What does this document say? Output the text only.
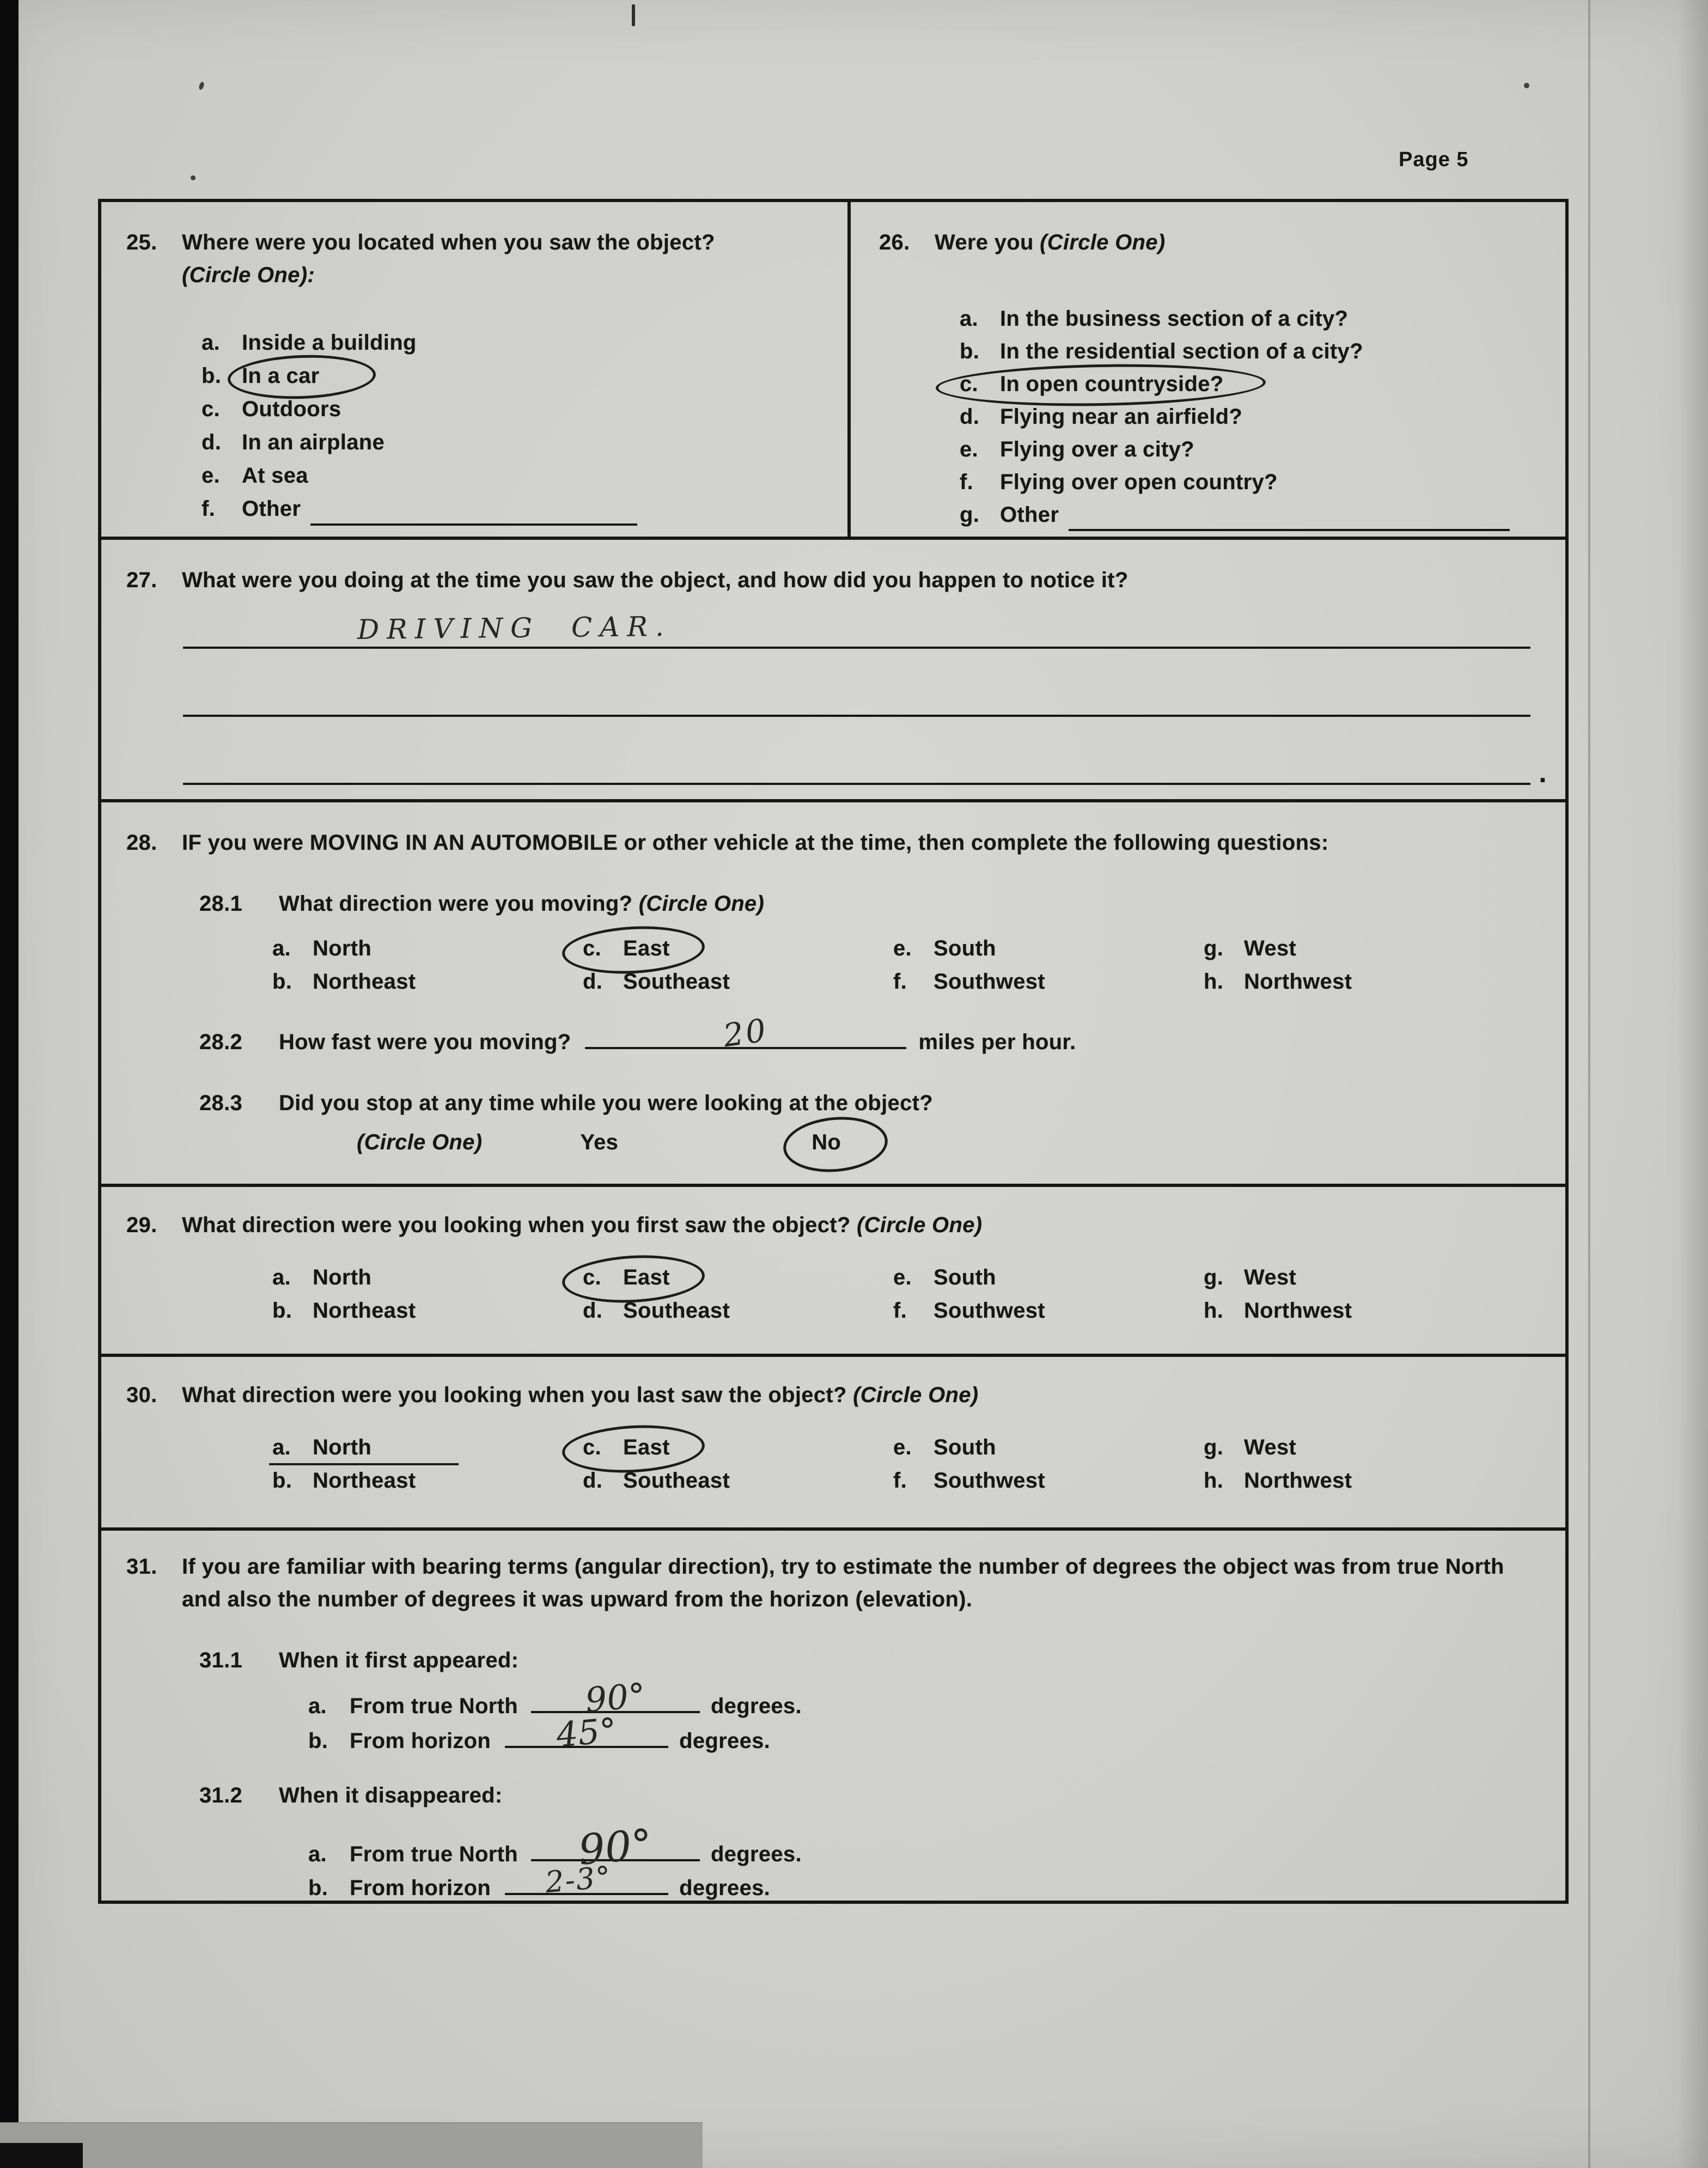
Page 5
25.	Where were you located when you saw the object?
(Circle One):
a.	Inside a building
b. In a car
c.	Outdoors
d. In an airplane
e.	At sea
f.	Other
26.	Were you (Circle One)
a.	In the business section of a city?
b. In the residential section of a city?
c.	In open countryside?
d. Flying near an airfield?
e.	Flying over a city?
f.	Flying over open country?
g. Other
27.	What were you doing at the time you saw the object, and how did you happen to notice it?
DRIVING CAR.
.
28.	IF you were MOVING IN AN AUTOMOBILE or other vehicle at the time, then complete the following questions:
28.1	What direction were you moving? (Circle One)
a.	North
b. Northeast
c.	East
d. Southeast
e.	South
f.	Southwest
g. West
h. Northwest
28.2	How fast were you moving?	20	miles per hour.
28.3	Did you stop at any time while you were looking at the object?
(Circle One)	Yes	No
29.	What direction were you looking when you first saw the object? (Circle One)
a.	North
b. Northeast
c.	East
d. Southeast
e.	South
f.	Southwest
g. West
h. Northwest
30.	What direction were you looking when you last saw the object? (Circle One)
a.	North
b. Northeast
c.	East
d. Southeast
e.	South
f.	Southwest
g. West
h. Northwest
31.	If you are familiar with bearing terms (angular direction), try to estimate the number of degrees the object was from true North and also the number of degrees it was upward from the horizon (elevation).
31.1	When it first appeared:
a.	From true North 90°	degrees.
b. From horizon 45°	degrees.
31.2	When it disappeared:
a.	From true North 90°	degrees.
b. From horizon 2-3°	degrees.
